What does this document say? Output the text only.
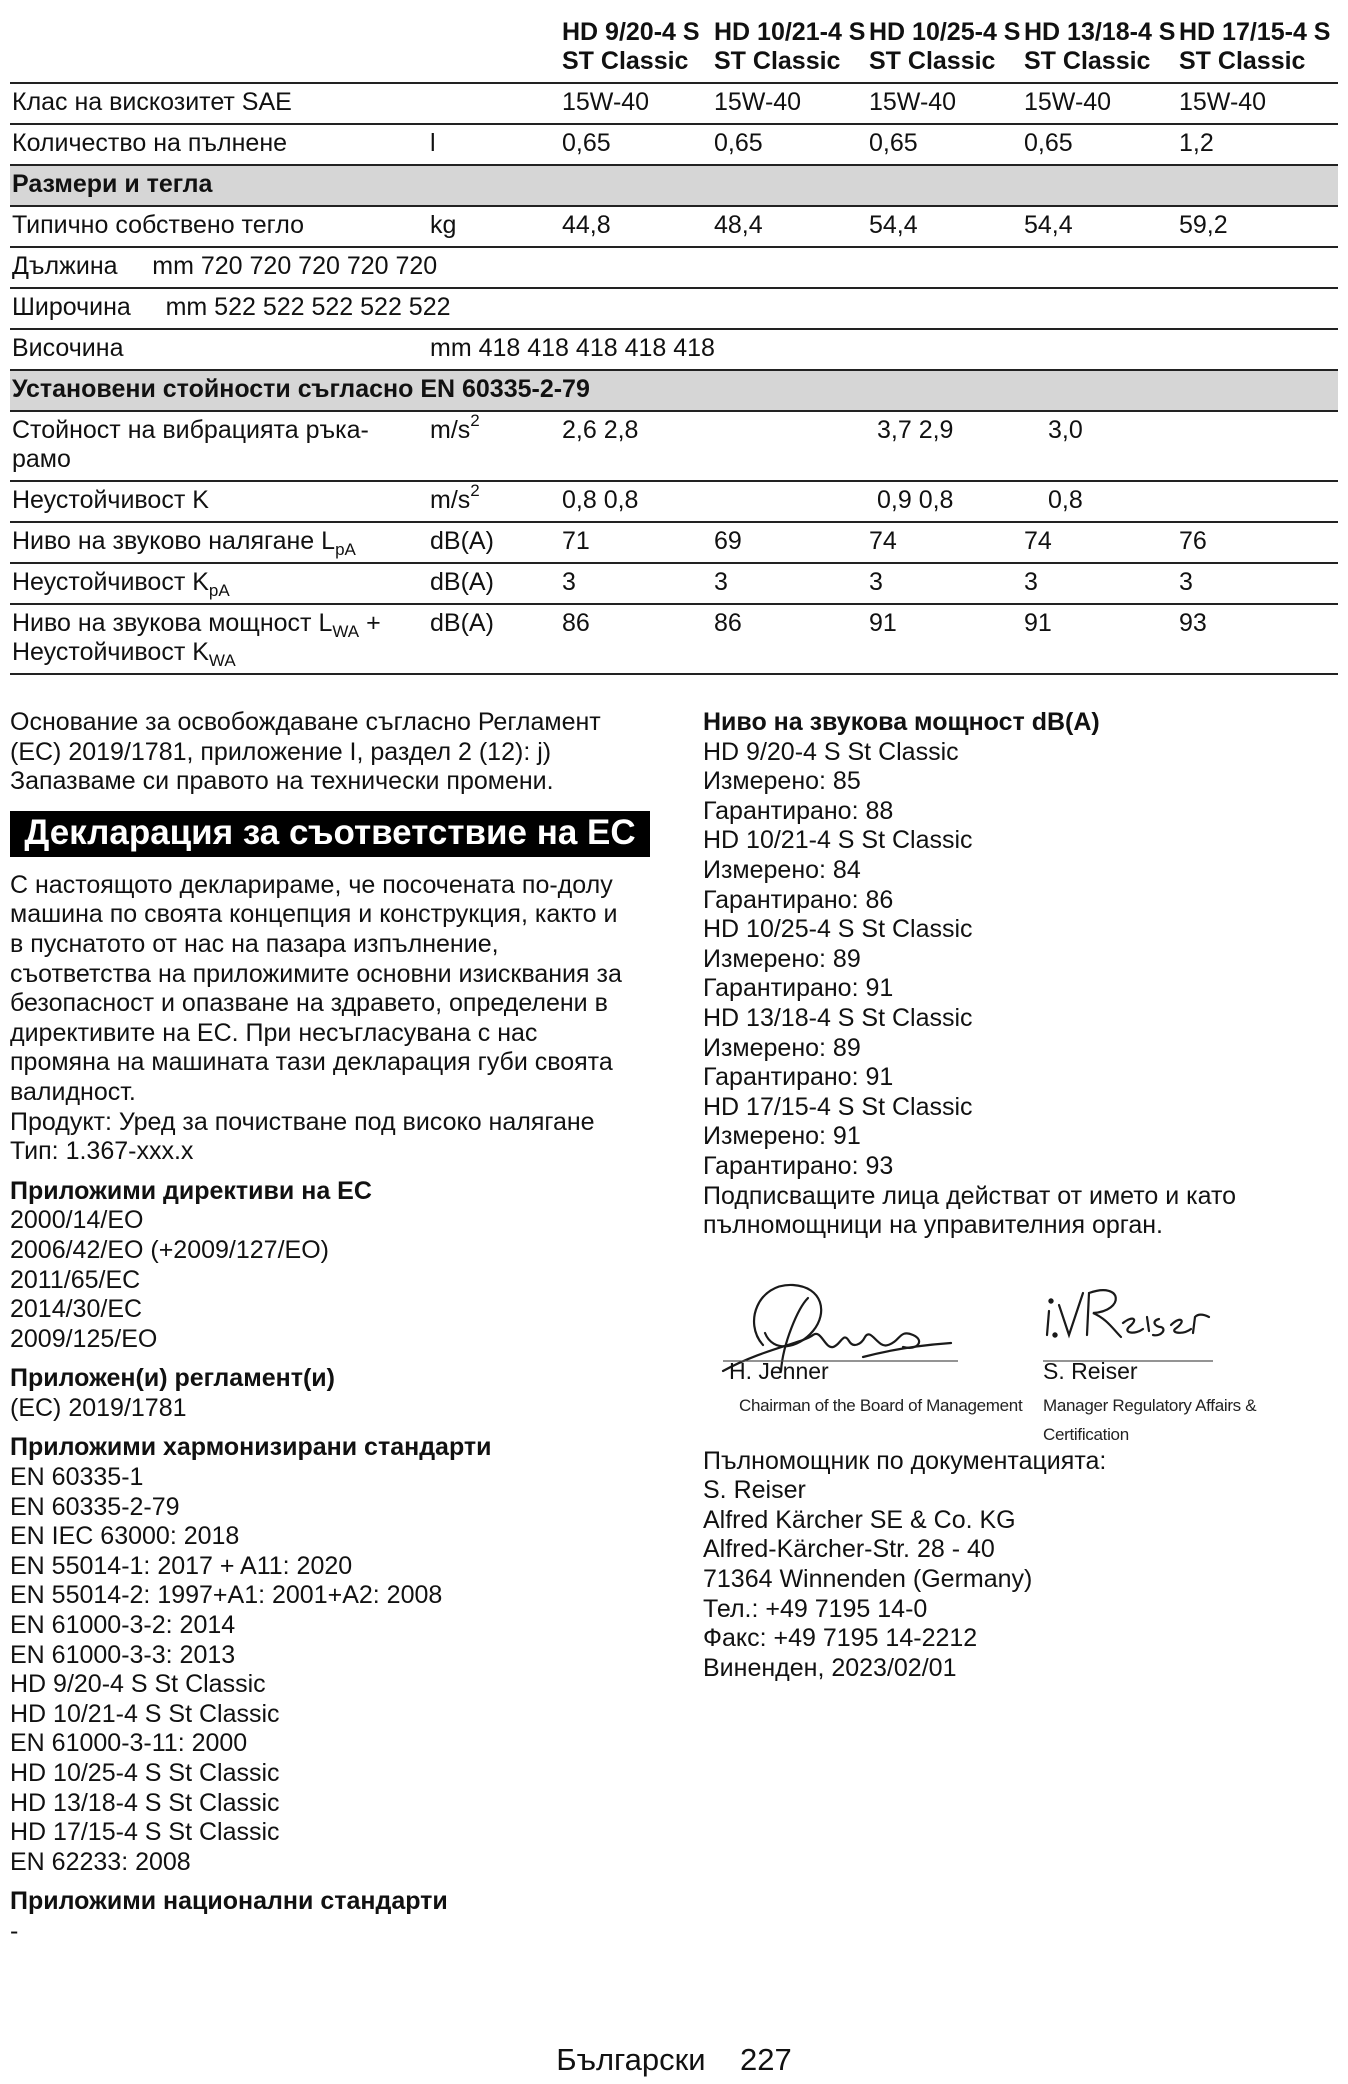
		HD 9/20-4 S ST Classic	HD 10/21-4 S ST Classic	HD 10/25-4 S ST Classic	HD 13/18-4 S ST Classic	HD 17/15-4 S ST Classic
Клас на вискозитет SAE		15W-40	15W-40	15W-40	15W-40	15W-40
Количество на пълнене	l	0,65	0,65	0,65	0,65	1,2
Размери и тегла
Типично собствено тегло	kg	44,8	48,4	54,4	54,4	59,2
Дължина     mm 720 720 720 720 720
Широчина     mm 522 522 522 522 522
Височина	mm 418 418 418 418 418
Установени стойности съгласно EN 60335-2-79
Стойност на вибрацията ръка-рамо	$m/s^2$	2,6 2,8	3,7 2,9	3,0
Неустойчивост K	$m/s^2$	0,8 0,8	0,9 0,8	0,8
Ниво на звуково налягане $L_{pA}$	dB(A)	71	69	74	74	76
Неустойчивост $K_{pA}$	dB(A)	3	3	3	3	3

Ниво на звукова мощност $L_{WA}$ +
Неустойчивост $K_{WA}$	dB(A)	86	86	91	91	93

Основание за освобождаване съгласно Регламент

(EC) 2019/1781, приложение I, раздел 2 (12): j)

Запазваме си правото на технически промени.

Декларация за съответствие на ЕС

С настоящото декларираме, че посочената по-долу

машина по своята концепция и конструкция, както и

в пуснатото от нас на пазара изпълнение,

съответства на приложимите основни изисквания за

безопасност и опазване на здравето, определени в

директивите на ЕС. При несъгласувана с нас

промяна на машината тази декларация губи своята

валидност.

Продукт: Уред за почистване под високо налягане

Тип: 1.367-xxx.x

Приложими директиви на ЕС

2000/14/EO

2006/42/EO (+2009/127/EO)

2011/65/EC

2014/30/EC

2009/125/EO

Приложен(и) регламент(и)

(EC) 2019/1781

Приложими хармонизирани стандарти

EN 60335-1

EN 60335-2-79

EN IEC 63000: 2018

EN 55014-1: 2017 + A11: 2020

EN 55014-2: 1997+A1: 2001+A2: 2008

EN 61000-3-2: 2014

EN 61000-3-3: 2013

HD 9/20-4 S St Classic

HD 10/21-4 S St Classic

EN 61000-3-11: 2000

HD 10/25-4 S St Classic

HD 13/18-4 S St Classic

HD 17/15-4 S St Classic

EN 62233: 2008

Приложими национални стандарти

-

Ниво на звукова мощност dB(A)

HD 9/20-4 S St Classic

Измерено: 85

Гарантирано: 88

HD 10/21-4 S St Classic

Измерено: 84

Гарантирано: 86

HD 10/25-4 S St Classic

Измерено: 89

Гарантирано: 91

HD 13/18-4 S St Classic

Измерено: 89

Гарантирано: 91

HD 17/15-4 S St Classic

Измерено: 91

Гарантирано: 93

Подписващите лица действат от името и като

пълномощници на управителния орган.

i.V. Reiser
H. Jenner
Chairman of the Board of Management
S. Reiser
Manager Regulatory Affairs & Certification

Пълномощник по документацията:

S. Reiser

Alfred Kärcher SE & Co. KG

Alfred-Kärcher-Str. 28 - 40

71364 Winnenden (Germany)

Тел.: +49 7195 14-0

Факс: +49 7195 14-2212

Виненден, 2023/02/01

Български 227
